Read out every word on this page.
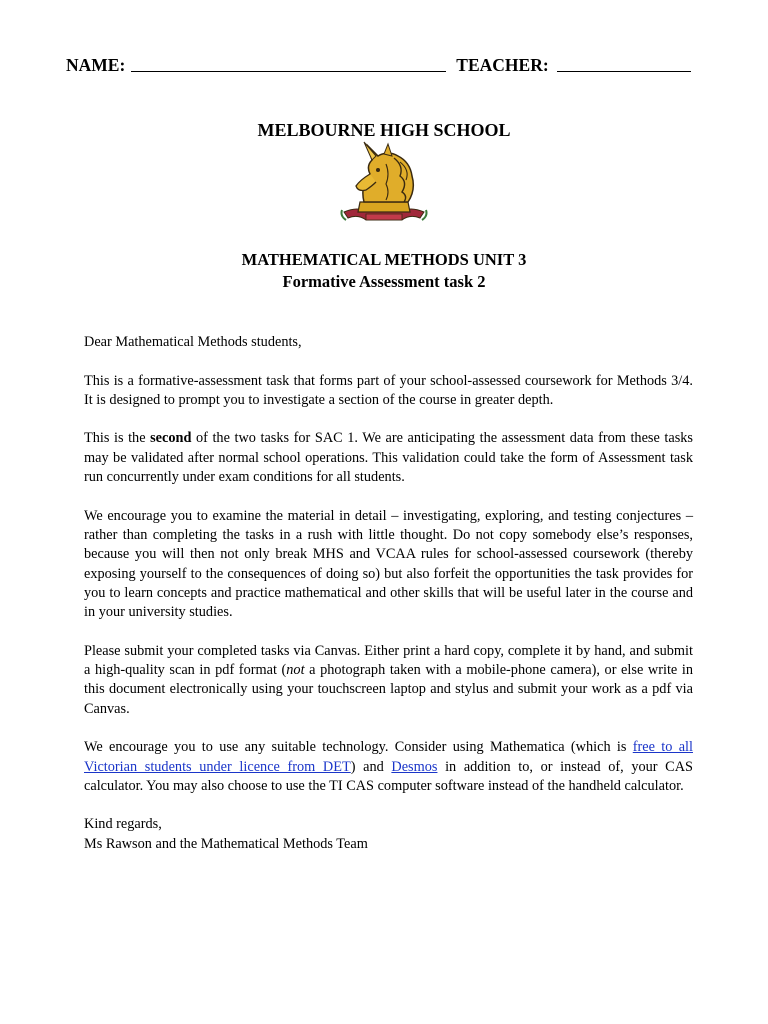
NAME:	TEACHER:
MELBOURNE HIGH SCHOOL
MATHEMATICAL METHODS UNIT 3
Formative Assessment task 2

Dear Mathematical Methods students,

This is a formative-assessment task that forms part of your school-assessed coursework for Methods 3/4. It is designed to prompt you to investigate a section of the course in greater depth.

This is the second of the two tasks for SAC 1. We are anticipating the assessment data from these tasks may be validated after normal school operations. This validation could take the form of Assessment task run concurrently under exam conditions for all students.

We encourage you to examine the material in detail – investigating, exploring, and testing conjectures – rather than completing the tasks in a rush with little thought. Do not copy somebody else’s responses, because you will then not only break MHS and VCAA rules for school-assessed coursework (thereby exposing yourself to the consequences of doing so) but also forfeit the opportunities the task provides for you to learn concepts and practice mathematical and other skills that will be useful later in the course and in your university studies.

Please submit your completed tasks via Canvas. Either print a hard copy, complete it by hand, and submit a high-quality scan in pdf format (not a photograph taken with a mobile-phone camera), or else write in this document electronically using your touchscreen laptop and stylus and submit your work as a pdf via Canvas.

We encourage you to use any suitable technology. Consider using Mathematica (which is free to all Victorian students under licence from DET) and Desmos in addition to, or instead of, your CAS calculator. You may also choose to use the TI CAS computer software instead of the handheld calculator.

Kind regards,

Ms Rawson and the Mathematical Methods Team
